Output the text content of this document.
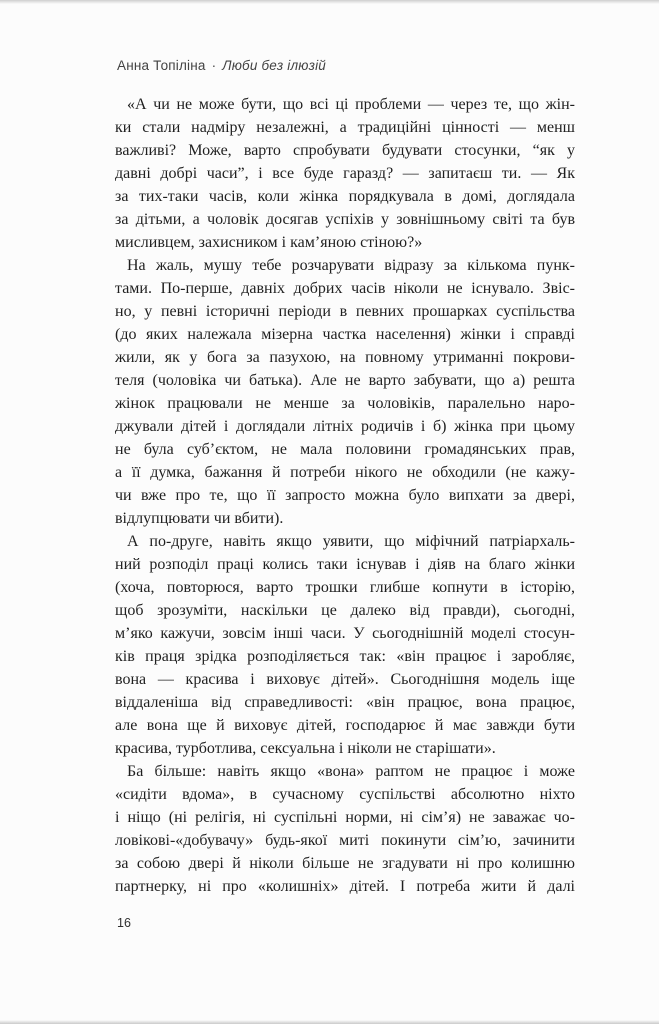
Анна Топіліна · Люби без ілюзій
«А чи не може бути, що всі ці проблеми — через те, що жін-
ки стали надміру незалежні, а традиційні цінності — менш
важливі? Може, варто спробувати будувати стосунки, “як у
давні добрі часи”, і все буде гаразд? — запитаєш ти. — Як
за тих-таки часів, коли жінка порядкувала в домі, доглядала
за дітьми, а чоловік досягав успіхів у зовнішньому світі та був
мисливцем, захисником і кам’яною стіною?»
На жаль, мушу тебе розчарувати відразу за кількома пунк-
тами. По-перше, давніх добрих часів ніколи не існувало. Звіс-
но, у певні історичні періоди в певних прошарках суспільства
(до яких належала мізерна частка населення) жінки і справді
жили, як у бога за пазухою, на повному утриманні покрови-
теля (чоловіка чи батька). Але не варто забувати, що а) решта
жінок працювали не менше за чоловіків, паралельно наро-
джували дітей і доглядали літніх родичів і б) жінка при цьому
не була суб’єктом, не мала половини громадянських прав,
а її думка, бажання й потреби нікого не обходили (не кажу-
чи вже про те, що її запросто можна було випхати за двері,
відлупцювати чи вбити).
А по-друге, навіть якщо уявити, що міфічний патріархаль-
ний розподіл праці колись таки існував і діяв на благо жінки
(хоча, повторюся, варто трошки глибше копнути в історію,
щоб зрозуміти, наскільки це далеко від правди), сьогодні,
м’яко кажучи, зовсім інші часи. У сьогоднішній моделі стосун-
ків праця зрідка розподіляється так: «він працює і заробляє,
вона — красива і виховує дітей». Сьогоднішня модель іще
віддаленіша від справедливості: «він працює, вона працює,
але вона ще й виховує дітей, господарює й має завжди бути
красива, турботлива, сексуальна і ніколи не старішати».
Ба більше: навіть якщо «вона» раптом не працює і може
«сидіти вдома», в сучасному суспільстві абсолютно ніхто
і ніщо (ні релігія, ні суспільні норми, ні сім’я) не заважає чо-
ловікові-«добувачу» будь-якої миті покинути сім’ю, зачинити
за собою двері й ніколи більше не згадувати ні про колишню
партнерку, ні про «колишніх» дітей. І потреба жити й далі
16
